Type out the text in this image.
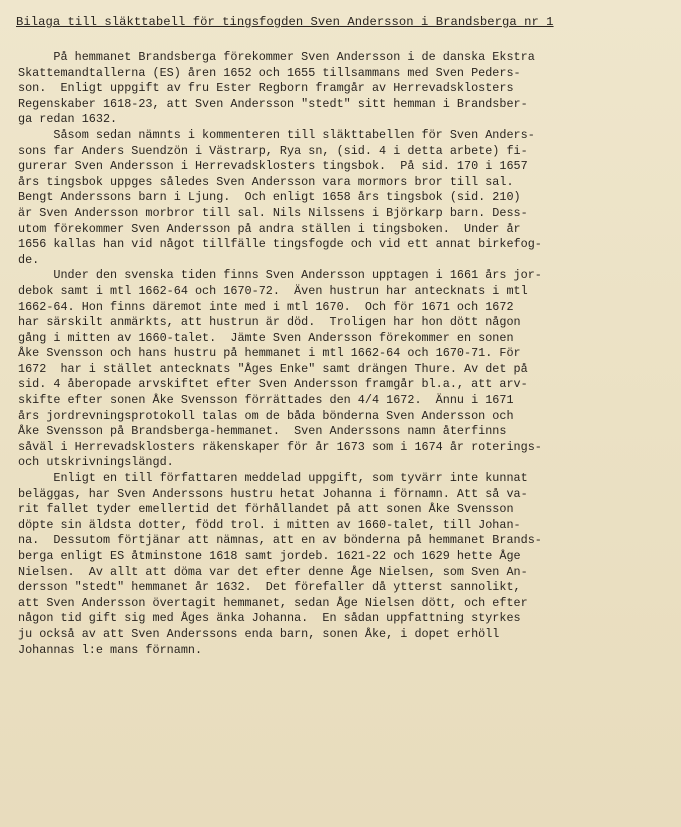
Bilaga till släkttabell för tingsfogden Sven Andersson i Brandsberga nr 1
På hemmanet Brandsberga förekommer Sven Andersson i de danska Ekstra
Skattemandtallerna (ES) åren 1652 och 1655 tillsammans med Sven Peders-
son.  Enligt uppgift av fru Ester Regborn framgår av Herrevadsklosters
Regenskaber 1618-23, att Sven Andersson "stedt" sitt hemman i Brandsber-
ga redan 1632.
Såsom sedan nämnts i kommenteren till släkttabellen för Sven Anders-
sons far Anders Suendzön i Västrarp, Rya sn, (sid. 4 i detta arbete) fi-
gurerar Sven Andersson i Herrevadsklosters tingsbok.  På sid. 170 i 1657
års tingsbok uppges således Sven Andersson vara mormors bror till sal.
Bengt Anderssons barn i Ljung.  Och enligt 1658 års tingsbok (sid. 210)
är Sven Andersson morbror till sal. Nils Nilssens i Björkarp barn. Dess-
utom förekommer Sven Andersson på andra ställen i tingsboken.  Under år
1656 kallas han vid något tillfälle tingsfogde och vid ett annat birkefog-
de.
Under den svenska tiden finns Sven Andersson upptagen i 1661 års jor-
debok samt i mtl 1662-64 och 1670-72.  Även hustrun har antecknats i mtl
1662-64. Hon finns däremot inte med i mtl 1670.  Och för 1671 och 1672
har särskilt anmärkts, att hustrun är död.  Troligen har hon dött någon
gång i mitten av 1660-talet.  Jämte Sven Andersson förekommer en sonen
Åke Svensson och hans hustru på hemmanet i mtl 1662-64 och 1670-71. För
1672  har i stället antecknats "Åges Enke" samt drängen Thure. Av det på
sid. 4 åberopade arvskiftet efter Sven Andersson framgår bl.a., att arv-
skifte efter sonen Åke Svensson förrättades den 4/4 1672.  Ännu i 1671
års jordrevningsprotokoll talas om de båda bönderna Sven Andersson och
Åke Svensson på Brandsberga-hemmanet.  Sven Anderssons namn återfinns
såväl i Herrevadsklosters räkenskaper för år 1673 som i 1674 år roterings-
och utskrivningslängd.
Enligt en till författaren meddelad uppgift, som tyvärr inte kunnat
beläggas, har Sven Anderssons hustru hetat Johanna i förnamn. Att så va-
rit fallet tyder emellertid det förhållandet på att sonen Åke Svensson
döpte sin äldsta dotter, född trol. i mitten av 1660-talet, till Johan-
na.  Dessutom förtjänar att nämnas, att en av bönderna på hemmanet Brands-
berga enligt ES åtminstone 1618 samt jordeb. 1621-22 och 1629 hette Åge
Nielsen.  Av allt att döma var det efter denne Åge Nielsen, som Sven An-
dersson "stedt" hemmanet år 1632.  Det förefaller då ytterst sannolikt,
att Sven Andersson övertagit hemmanet, sedan Åge Nielsen dött, och efter
någon tid gift sig med Åges änka Johanna.  En sådan uppfattning styrkes
ju också av att Sven Anderssons enda barn, sonen Åke, i dopet erhöll
Johannas l:e mans förnamn.
